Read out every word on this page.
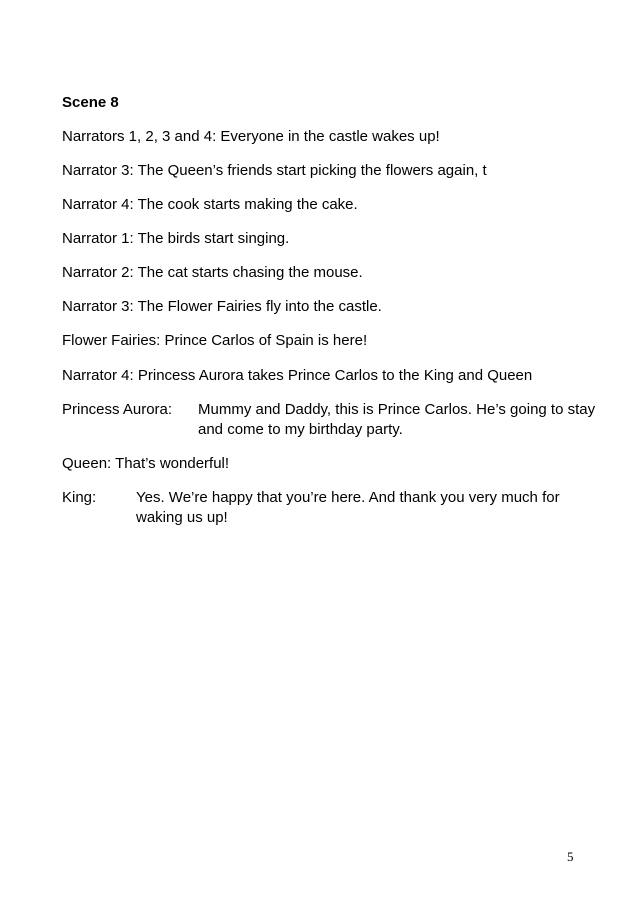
Scene 8
Narrators 1, 2, 3 and 4: Everyone in the castle wakes up!
Narrator 3: The Queen’s friends start picking the flowers again, t
Narrator 4: The cook starts making the cake.
Narrator 1: The birds start singing.
Narrator 2: The cat starts chasing the mouse.
Narrator 3: The Flower Fairies fly into the castle.
Flower Fairies: Prince Carlos of Spain is here!
Narrator 4: Princess Aurora takes Prince Carlos to the King and Queen
Princess Aurora: Mummy and Daddy, this is Prince Carlos. He’s going to stay and come to my birthday party.
Queen: That’s wonderful!
King:	Yes. We’re happy that you’re here. And thank you very much for waking us up!
5
